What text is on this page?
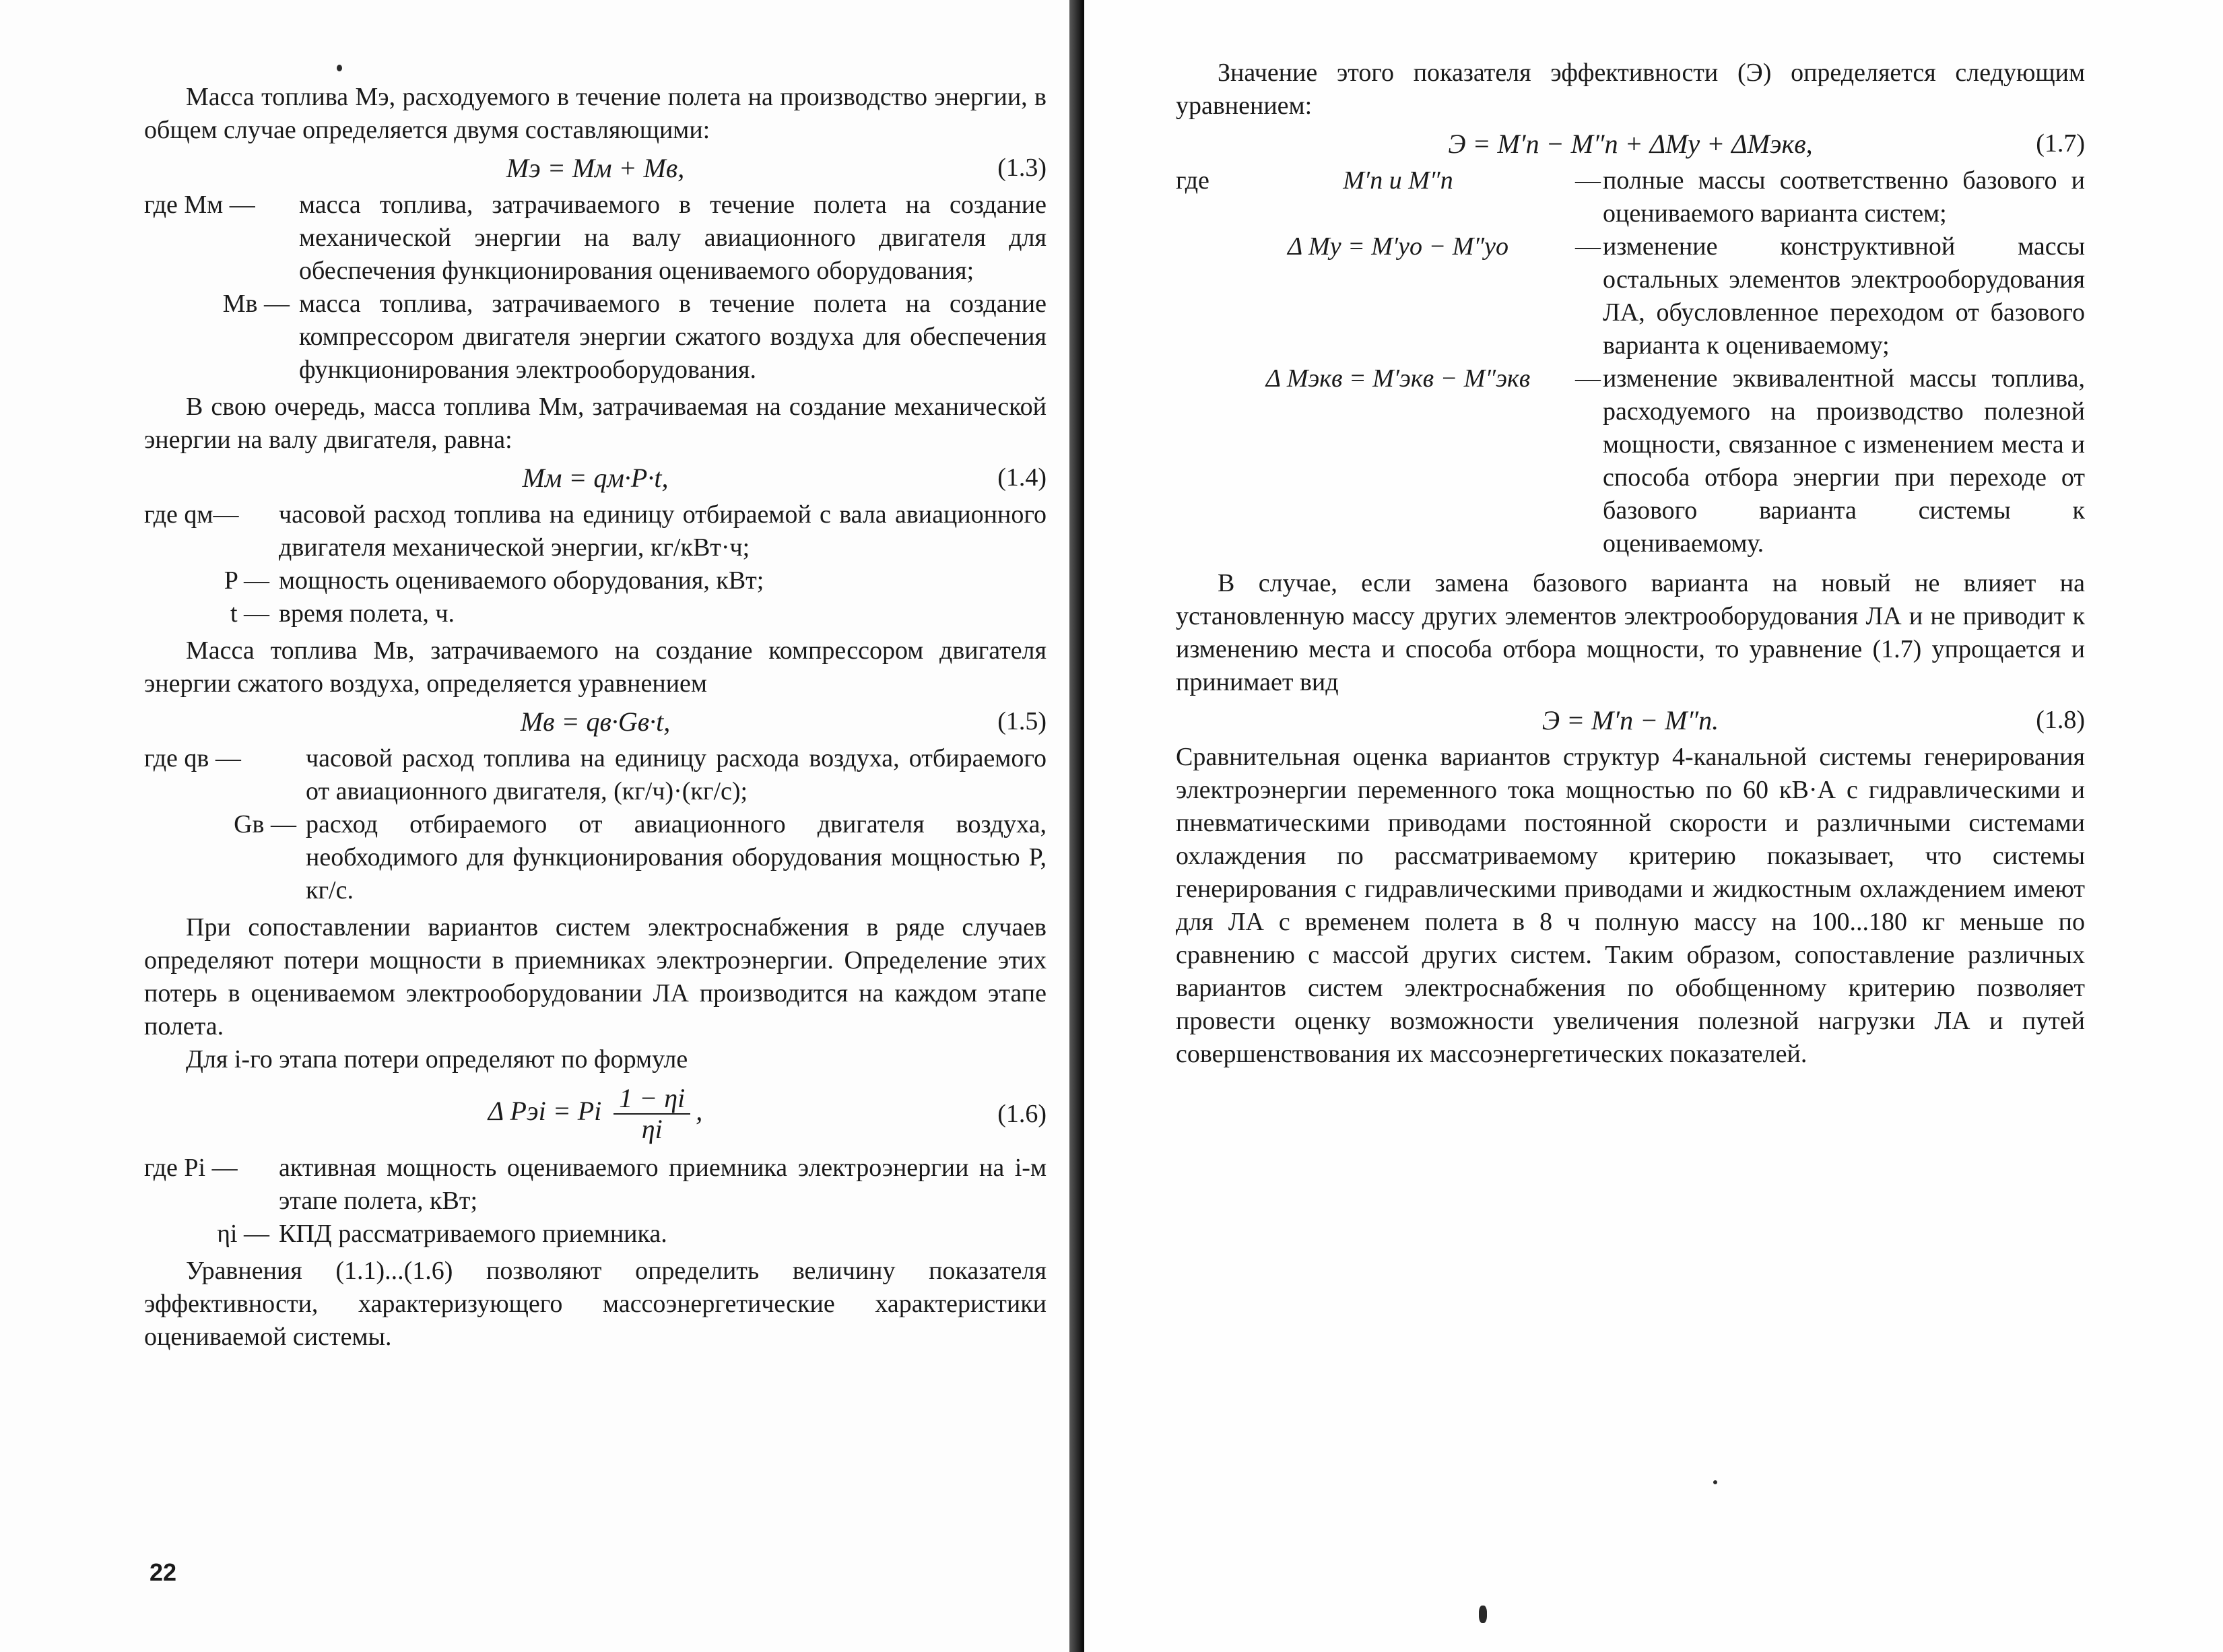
Масса топлива Мэ, расходуемого в течение полета на производство энергии, в общем случае определяется двумя составляющими:

Мэ = Мм + Мв,	(1.3)
где Мм —	масса топлива, затрачиваемого в течение полета на создание механической энергии на валу авиационного двигателя для обеспечения функционирования оцениваемого оборудования;
Мв — масса топлива, затрачиваемого в течение полета на создание компрессором двигателя энергии сжатого воздуха для обеспечения функционирования электрооборудования.

В свою очередь, масса топлива Мм, затрачиваемая на создание механической энергии на валу двигателя, равна:

Мм = qм·P·t,	(1.4)
где qм—	часовой расход топлива на единицу отбираемой с вала авиационного двигателя механической энергии, кг/кВт·ч;
P — мощность оцениваемого оборудования, кВт;
t — время полета, ч.

Масса топлива Мв, затрачиваемого на создание компрессором двигателя энергии сжатого воздуха, определяется уравнением

Мв = qв·Gв·t,	(1.5)
где qв —	часовой расход топлива на единицу расхода воздуха, отбираемого от авиационного двигателя, (кг/ч)·(кг/с);
Gв — расход отбираемого от авиационного двигателя воздуха, необходимого для функционирования оборудования мощностью P, кг/с.

При сопоставлении вариантов систем электроснабжения в ряде случаев определяют потери мощности в приемниках электроэнергии. Определение этих потерь в оцениваемом электрооборудовании ЛА производится на каждом этапе полета.

Для i-го этапа потери определяют по формуле

Δ Pэi = Pi $\frac{1 - \eta i}{\eta i}$ ,	(1.6)
где Pi —	активная мощность оцениваемого приемника электроэнергии на i-м этапе полета, кВт;
ηi — КПД рассматриваемого приемника.

Уравнения (1.1)...(1.6) позволяют определить величину показателя эффективности, характеризующего массоэнергетические характеристики оцениваемой системы.

22

Значение этого показателя эффективности (Э) определяется следующим уравнением:

Э = М′п − М″п + ΔМу + ΔМэкв,	(1.7)
где	М′п и М″п	— полные массы соответственно базового и оцениваемого варианта систем;
Δ Му = М′уо − М″уо	— изменение конструктивной массы остальных элементов электрооборудования ЛА, обусловленное переходом от базового варианта к оцениваемому;
Δ Мэкв = М′экв − М″экв	— изменение эквивалентной массы топлива, расходуемого на производство полезной мощности, связанное с изменением места и способа отбора энергии при переходе от базового варианта системы к оцениваемому.

В случае, если замена базового варианта на новый не влияет на установленную массу других элементов электрооборудования ЛА и не приводит к изменению места и способа отбора мощности, то уравнение (1.7) упрощается и принимает вид

Э = М′п − М″п.	(1.8)

Сравнительная оценка вариантов структур 4-канальной системы генерирования электроэнергии переменного тока мощностью по 60 кВ·А с гидравлическими и пневматическими приводами постоянной скорости и различными системами охлаждения по рассматриваемому критерию показывает, что системы генерирования с гидравлическими приводами и жидкостным охлаждением имеют для ЛА с временем полета в 8 ч полную массу на 100...180 кг меньше по сравнению с массой других систем. Таким образом, сопоставление различных вариантов систем электроснабжения по обобщенному критерию позволяет провести оценку возможности увеличения полезной нагрузки ЛА и путей совершенствования их массоэнергетических показателей.
